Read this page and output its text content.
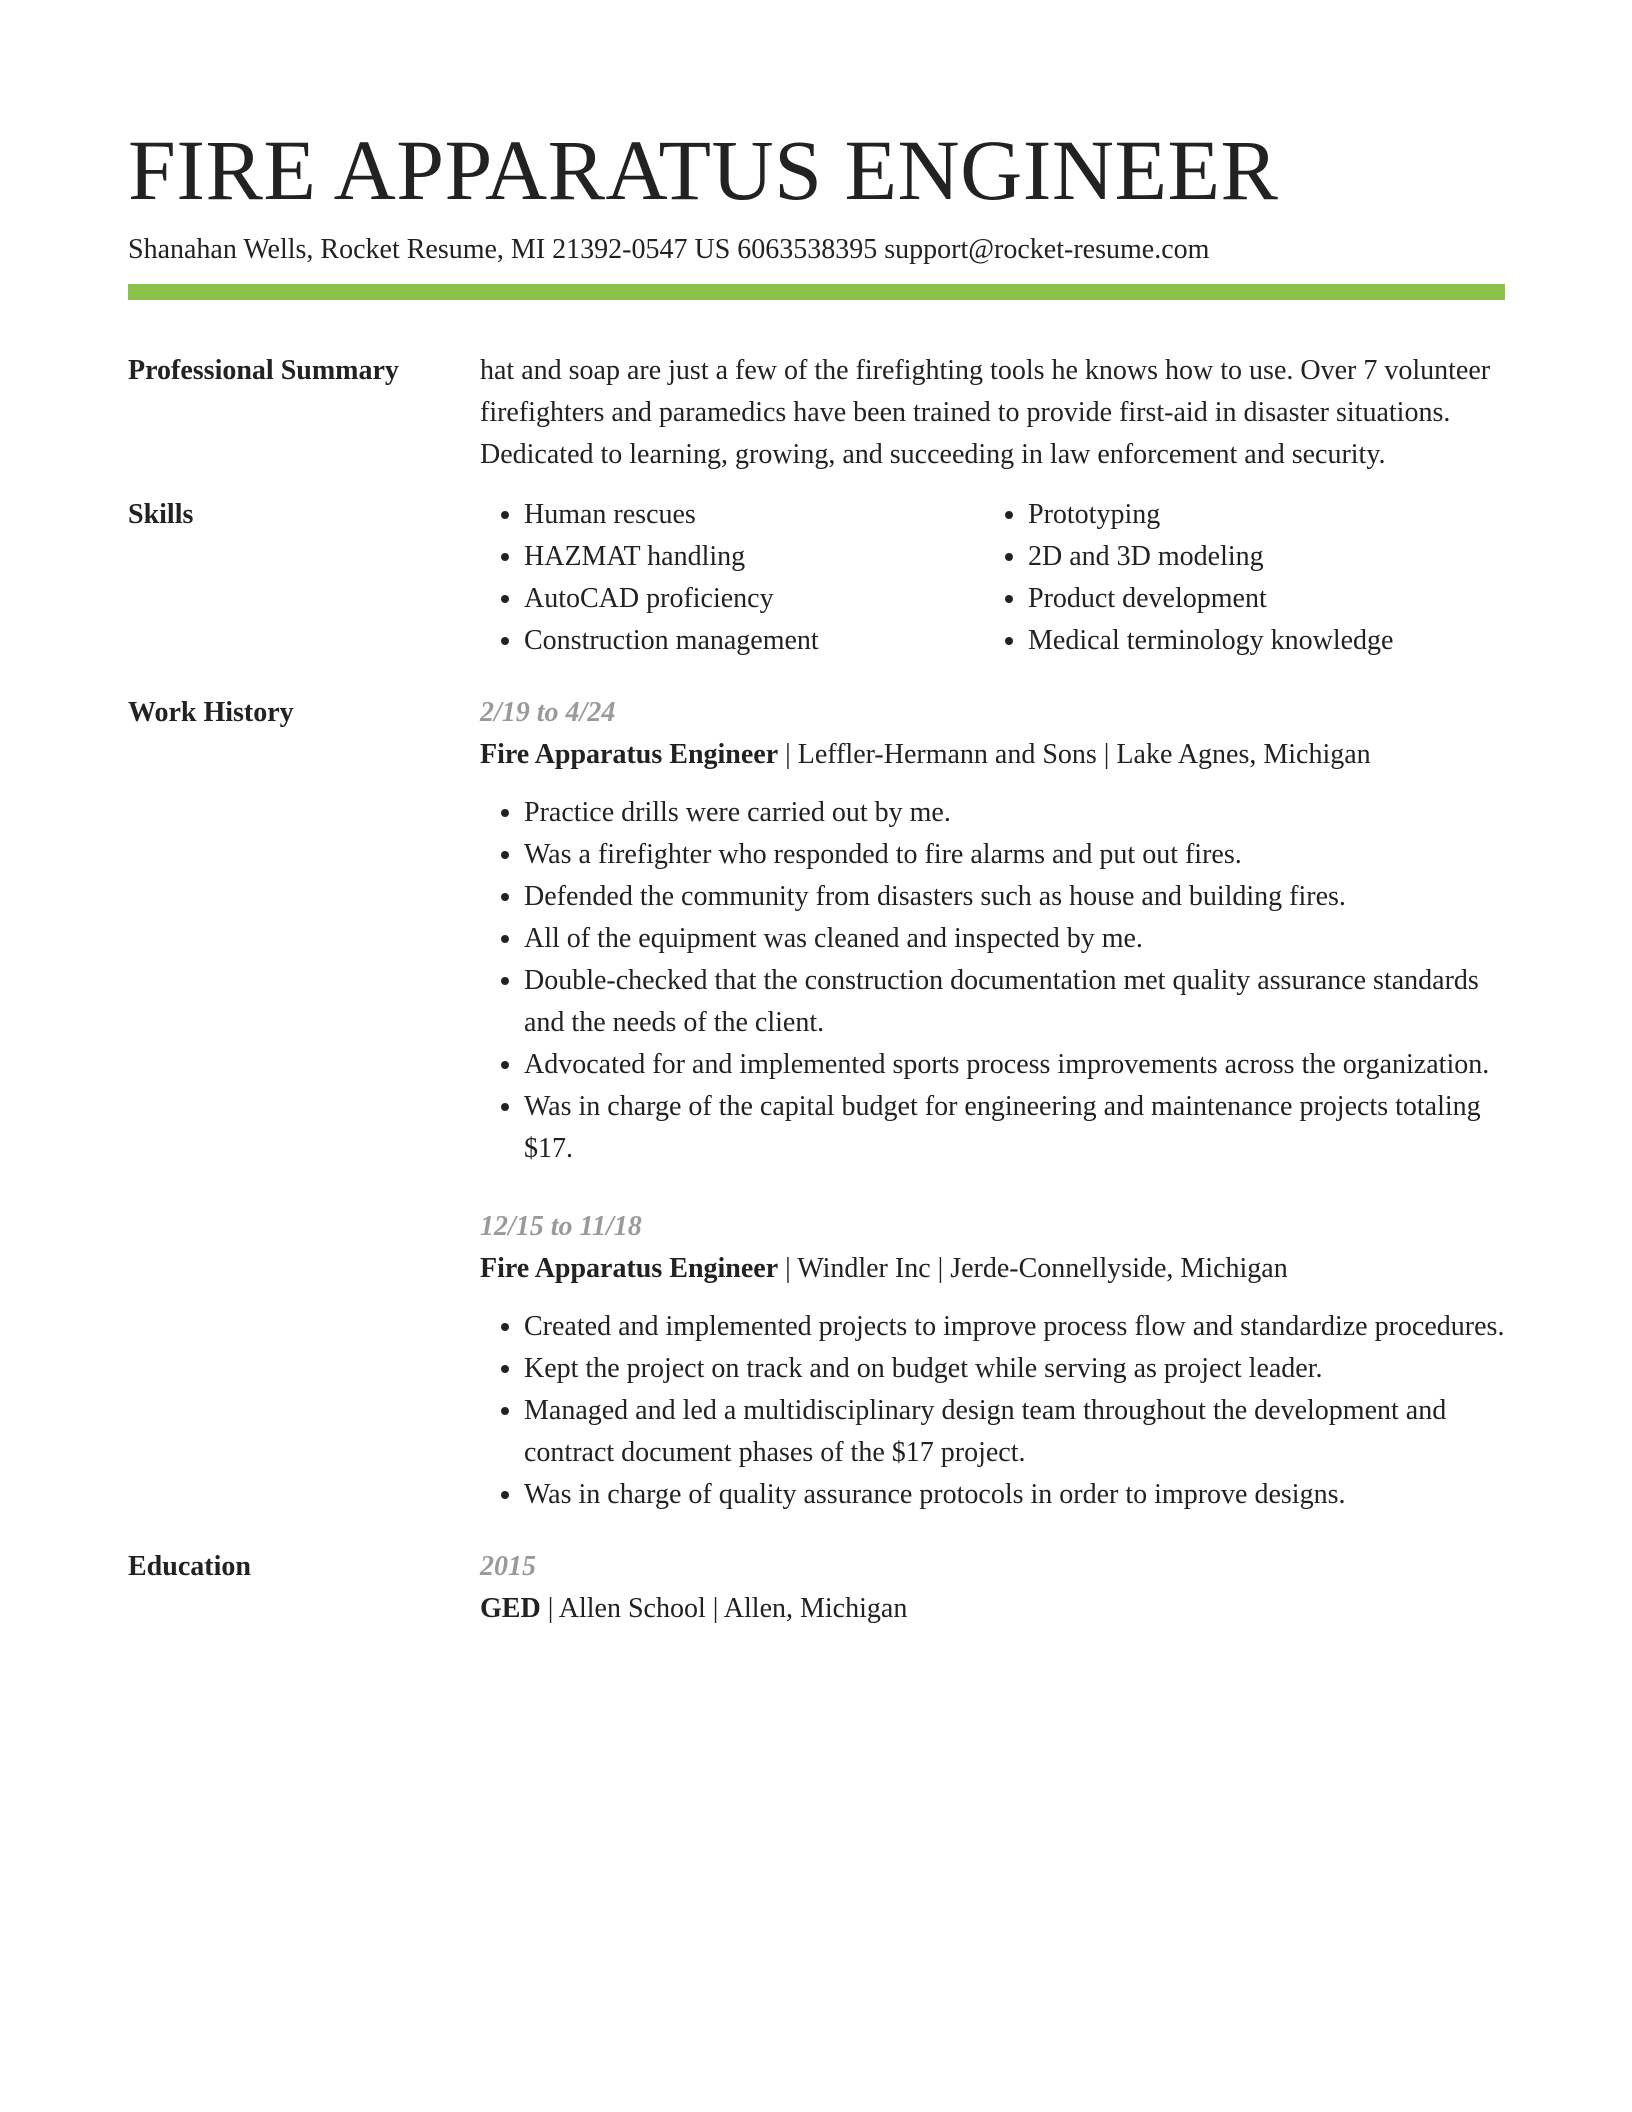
FIRE APPARATUS ENGINEER
Shanahan Wells, Rocket Resume, MI 21392-0547 US 6063538395 support@rocket-resume.com
Professional Summary	hat and soap are just a few of the firefighting tools he knows how to use. Over 7 volunteer firefighters and paramedics have been trained to provide first-aid in disaster situations. Dedicated to learning, growing, and succeeding in law enforcement and security.
Skills
•	Human rescues
• HAZMAT handling
• AutoCAD proficiency
• Construction management
• Prototyping
• 2D and 3D modeling
• Product development
• Medical terminology knowledge
Work History	2/19 to 4/24
Fire Apparatus Engineer | Leffler-Hermann and Sons | Lake Agnes, Michigan
• Practice drills were carried out by me.
• Was a firefighter who responded to fire alarms and put out fires.
• Defended the community from disasters such as house and building fires.
• All of the equipment was cleaned and inspected by me.
• Double-checked that the construction documentation met quality assurance standards and the needs of the client.
• Advocated for and implemented sports process improvements across the organization.
• Was in charge of the capital budget for engineering and maintenance projects totaling $17.
12/15 to 11/18
Fire Apparatus Engineer | Windler Inc | Jerde-Connellyside, Michigan
• Created and implemented projects to improve process flow and standardize procedures.
• Kept the project on track and on budget while serving as project leader.
• Managed and led a multidisciplinary design team throughout the development and contract document phases of the $17 project.
• Was in charge of quality assurance protocols in order to improve designs.
Education	2015
GED | Allen School | Allen, Michigan
